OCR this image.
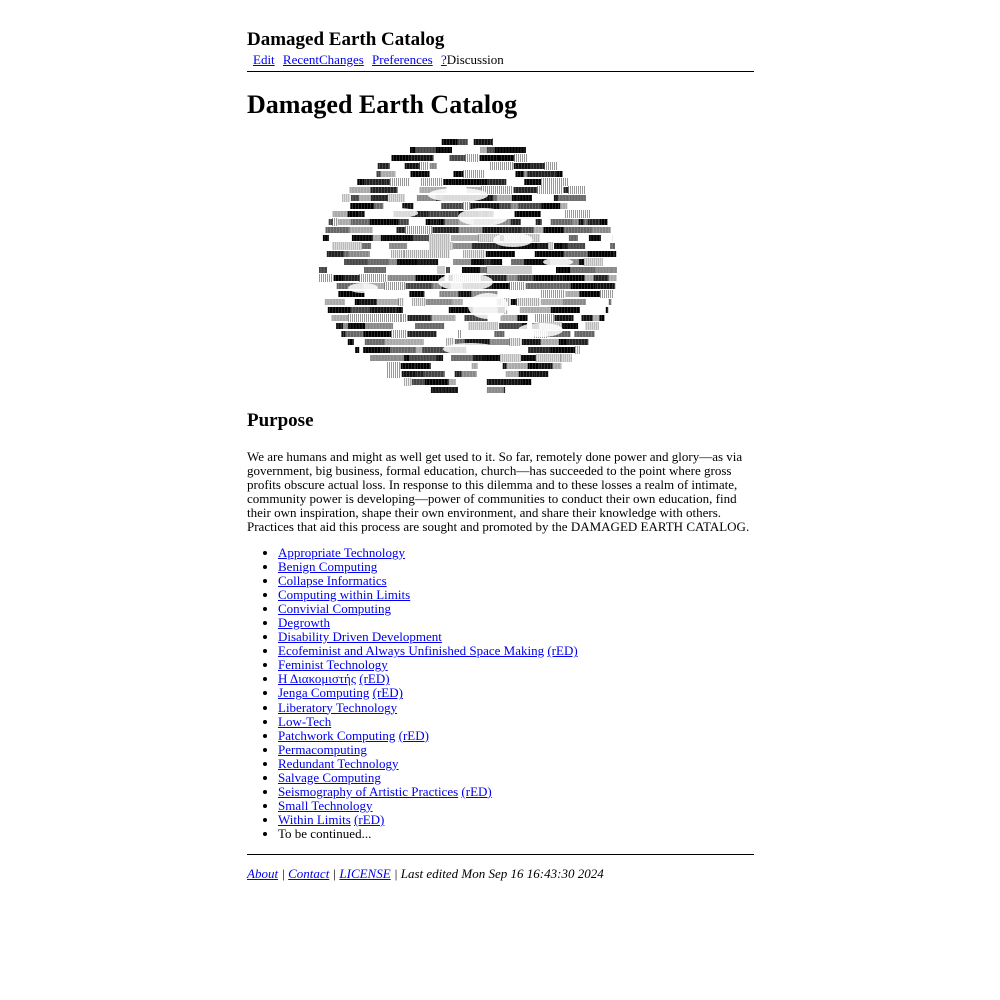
Damaged Earth Catalog
Edit RecentChanges Preferences ?Discussion
Damaged Earth Catalog
Purpose

We are humans and might as well get used to it. So far, remotely done power and glory—as via government, big business, formal education, church—has succeeded to the point where gross profits obscure actual loss. In response to this dilemma and to these losses a realm of intimate, community power is developing—power of communities to conduct their own education, find their own inspiration, shape their own environment, and share their knowledge with others. Practices that aid this process are sought and promoted by the DAMAGED EARTH CATALOG.

• Appropriate Technology
• Benign Computing
• Collapse Informatics
• Computing within Limits
• Convivial Computing
• Degrowth
• Disability Driven Development
• Ecofeminist and Always Unfinished Space Making (rED)
• Feminist Technology
• Η Διακομιστής (rED)
• Jenga Computing (rED)
• Liberatory Technology
• Low-Tech
• Patchwork Computing (rED)
• Permacomputing
• Redundant Technology
• Salvage Computing
• Seismography of Artistic Practices (rED)
• Small Technology
• Within Limits (rED)
• To be continued...
About | Contact | LICENSE | Last edited Mon Sep 16 16:43:30 2024
